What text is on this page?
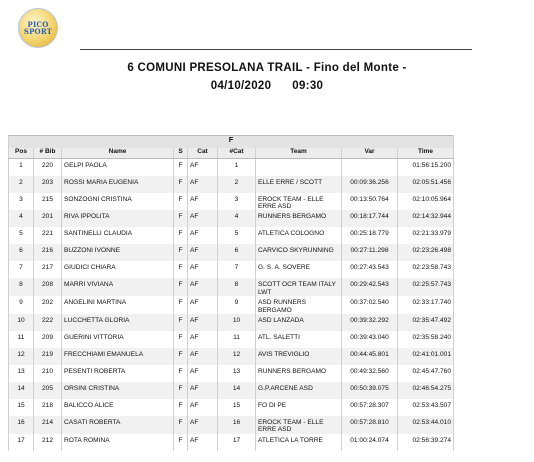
PICO
SPORT
6 COMUNI PRESOLANA TRAIL - Fino del Monte -
04/10/2020      09:30
F								
Pos	# Bib	Name	S	Cat	#Cat	Team	Var	Time
1	220	GELPI PAOLA	F	AF	1			01:56:15.200
2	203	ROSSI MARIA EUGENIA	F	AF	2	ELLE ERRE / SCOTT	00:09:36.256	02:05:51.456
3	215	SONZOGNI CRISTINA	F	AF	3	EROCK TEAM - ELLE ERRE ASD	00:13:50.764	02:10:05.964
4	201	RIVA IPPOLITA	F	AF	4	RUNNERS BERGAMO	00:18:17.744	02:14:32.944
5	221	SANTINELLI CLAUDIA	F	AF	5	ATLETICA COLOGNO	00:25:18.779	02:21:33.979
6	216	BUZZONI IVONNE	F	AF	6	CARVICO SKYRUNNING	00:27:11.298	02:23:26.498
7	217	GIUDICI CHIARA	F	AF	7	G. S. A. SOVERE	00:27:43.543	02:23:58.743
8	208	MARRI VIVIANA	F	AF	8	SCOTT OCR TEAM ITALY LWT	00:29:42.543	02:25:57.743
9	202	ANGELINI MARTINA	F	AF	9	ASD RUNNERS BERGAMO	00:37:02.540	02:33:17.740
10	222	LUCCHETTA GLORIA	F	AF	10	ASD LANZADA	00:39:32.292	02:35:47.492
11	209	GUERINI VITTORIA	F	AF	11	ATL. SALETTI	00:39:43.040	02:35:58.240
12	219	FRECCHIAMI EMANUELA	F	AF	12	AVIS TREVIGLIO	00:44:45.801	02:41:01.001
13	210	PESENTI ROBERTA	F	AF	13	RUNNERS BERGAMO	00:49:32.560	02:45:47.760
14	205	ORSINI CRISTINA	F	AF	14	G.P.ARCENE ASD	00:50:39.075	02:46:54.275
15	218	BALICCO ALICE	F	AF	15	FO DI PE	00:57:28.307	02:53:43.507
16	214	CASATI ROBERTA	F	AF	16	EROCK TEAM - ELLE ERRE ASD	00:57:28.810	02:53:44.010
17	212	ROTA ROMINA	F	AF	17	ATLETICA LA TORRE	01:00:24.074	02:56:39.274
